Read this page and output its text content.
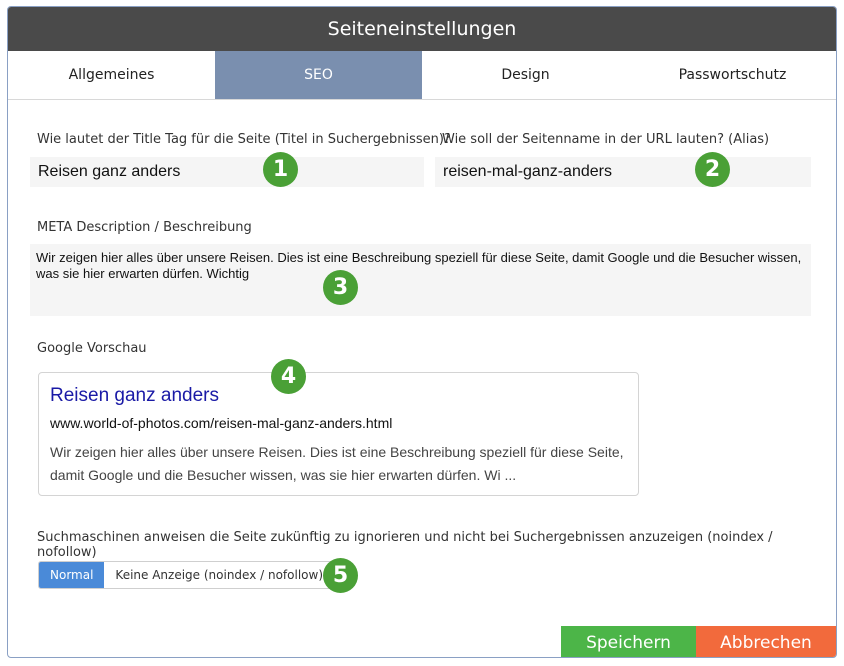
Seiteneinstellungen
Allgemeines	SEO	Design	Passwortschutz
Wie lautet der Title Tag für die Seite (Titel in Suchergebnissen)?
Reisen ganz anders
1
Wie soll der Seitenname in der URL lauten? (Alias)
reisen-mal-ganz-anders
2
META Description / Beschreibung
Wir zeigen hier alles über unsere Reisen. Dies ist eine Beschreibung speziell für diese Seite, damit Google und die Besucher wissen, was sie hier erwarten dürfen. Wichtig
3
Google Vorschau
Reisen ganz anders
www.world-of-photos.com/reisen-mal-ganz-anders.html
Wir zeigen hier alles über unsere Reisen. Dies ist eine Beschreibung speziell für diese Seite, damit Google und die Besucher wissen, was sie hier erwarten dürfen. Wi ...
4
Suchmaschinen anweisen die Seite zukünftig zu ignorieren und nicht bei Suchergebnissen anzuzeigen (noindex / nofollow)
Normal	Keine Anzeige (noindex / nofollow) 5
Speichern	Abbrechen
